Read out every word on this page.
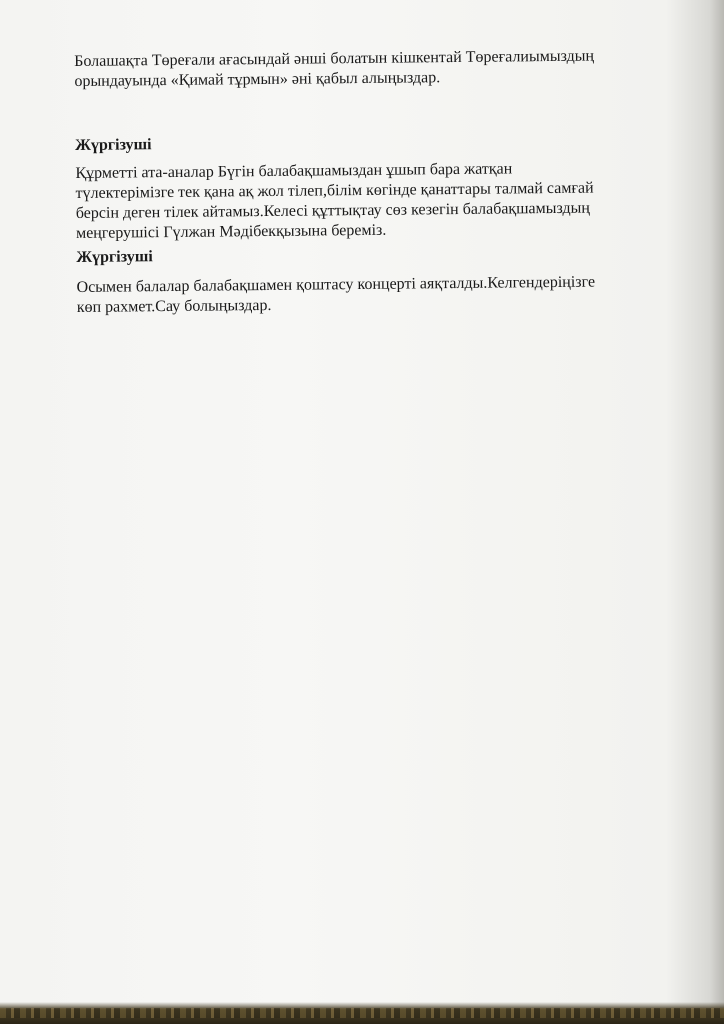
Болашақта Төреғали ағасындай әнші болатын кішкентай Төреғалиымыздың
орындауында «Қимай тұрмын» әні қабыл алыңыздар.

Жүргізуші

Құрметті ата-аналар Бүгін балабақшамыздан ұшып бара жатқан
түлектерімізге тек қана ақ жол тілеп,білім көгінде қанаттары талмай самғай
берсін деген тілек айтамыз.Келесі құттықтау сөз кезегін балабақшамыздың
меңгерушісі Гүлжан Мәдібекқызына береміз.

Жүргізуші

Осымен балалар балабақшамен қоштасу концерті аяқталды.Келгендеріңізге
көп рахмет.Сау болыңыздар.
